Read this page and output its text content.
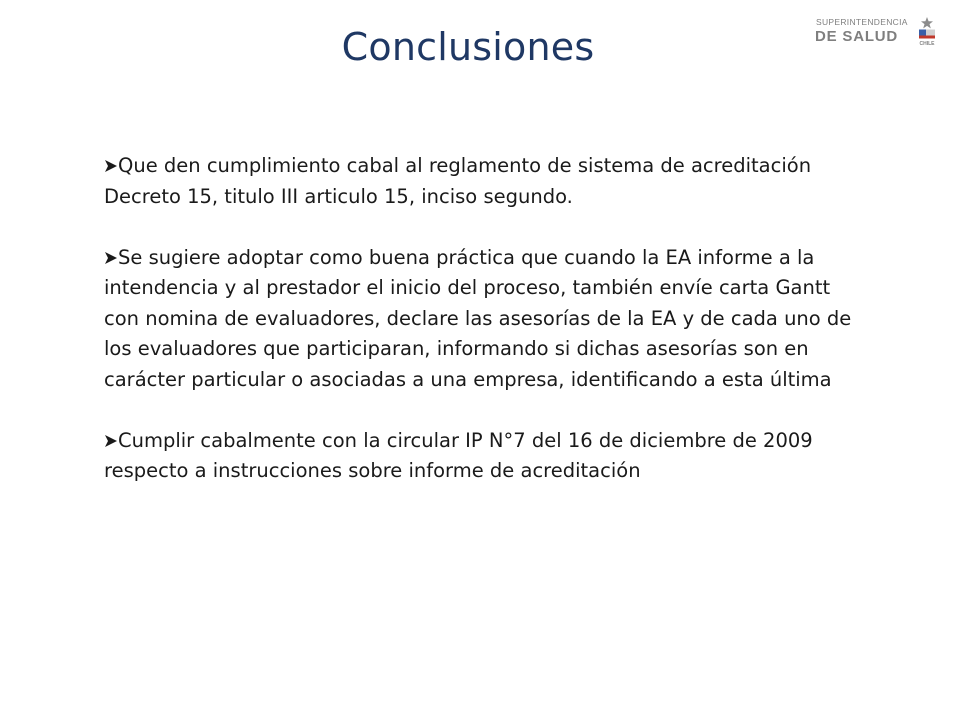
Conclusiones
SUPERINTENDENCIA
DE SALUD	CHILE

Que den cumplimiento cabal al reglamento de sistema de acreditación Decreto 15, titulo III articulo 15, inciso segundo.

Se sugiere adoptar como buena práctica que cuando la EA informe a la intendencia y al prestador el inicio del proceso, también envíe carta Gantt con nomina de evaluadores, declare las asesorías de la EA y de cada uno de los evaluadores que participaran, informando si dichas asesorías son en carácter particular o asociadas a una empresa, identificando a esta última

Cumplir cabalmente con la circular IP N°7 del 16 de diciembre de 2009 respecto a instrucciones sobre informe de acreditación
